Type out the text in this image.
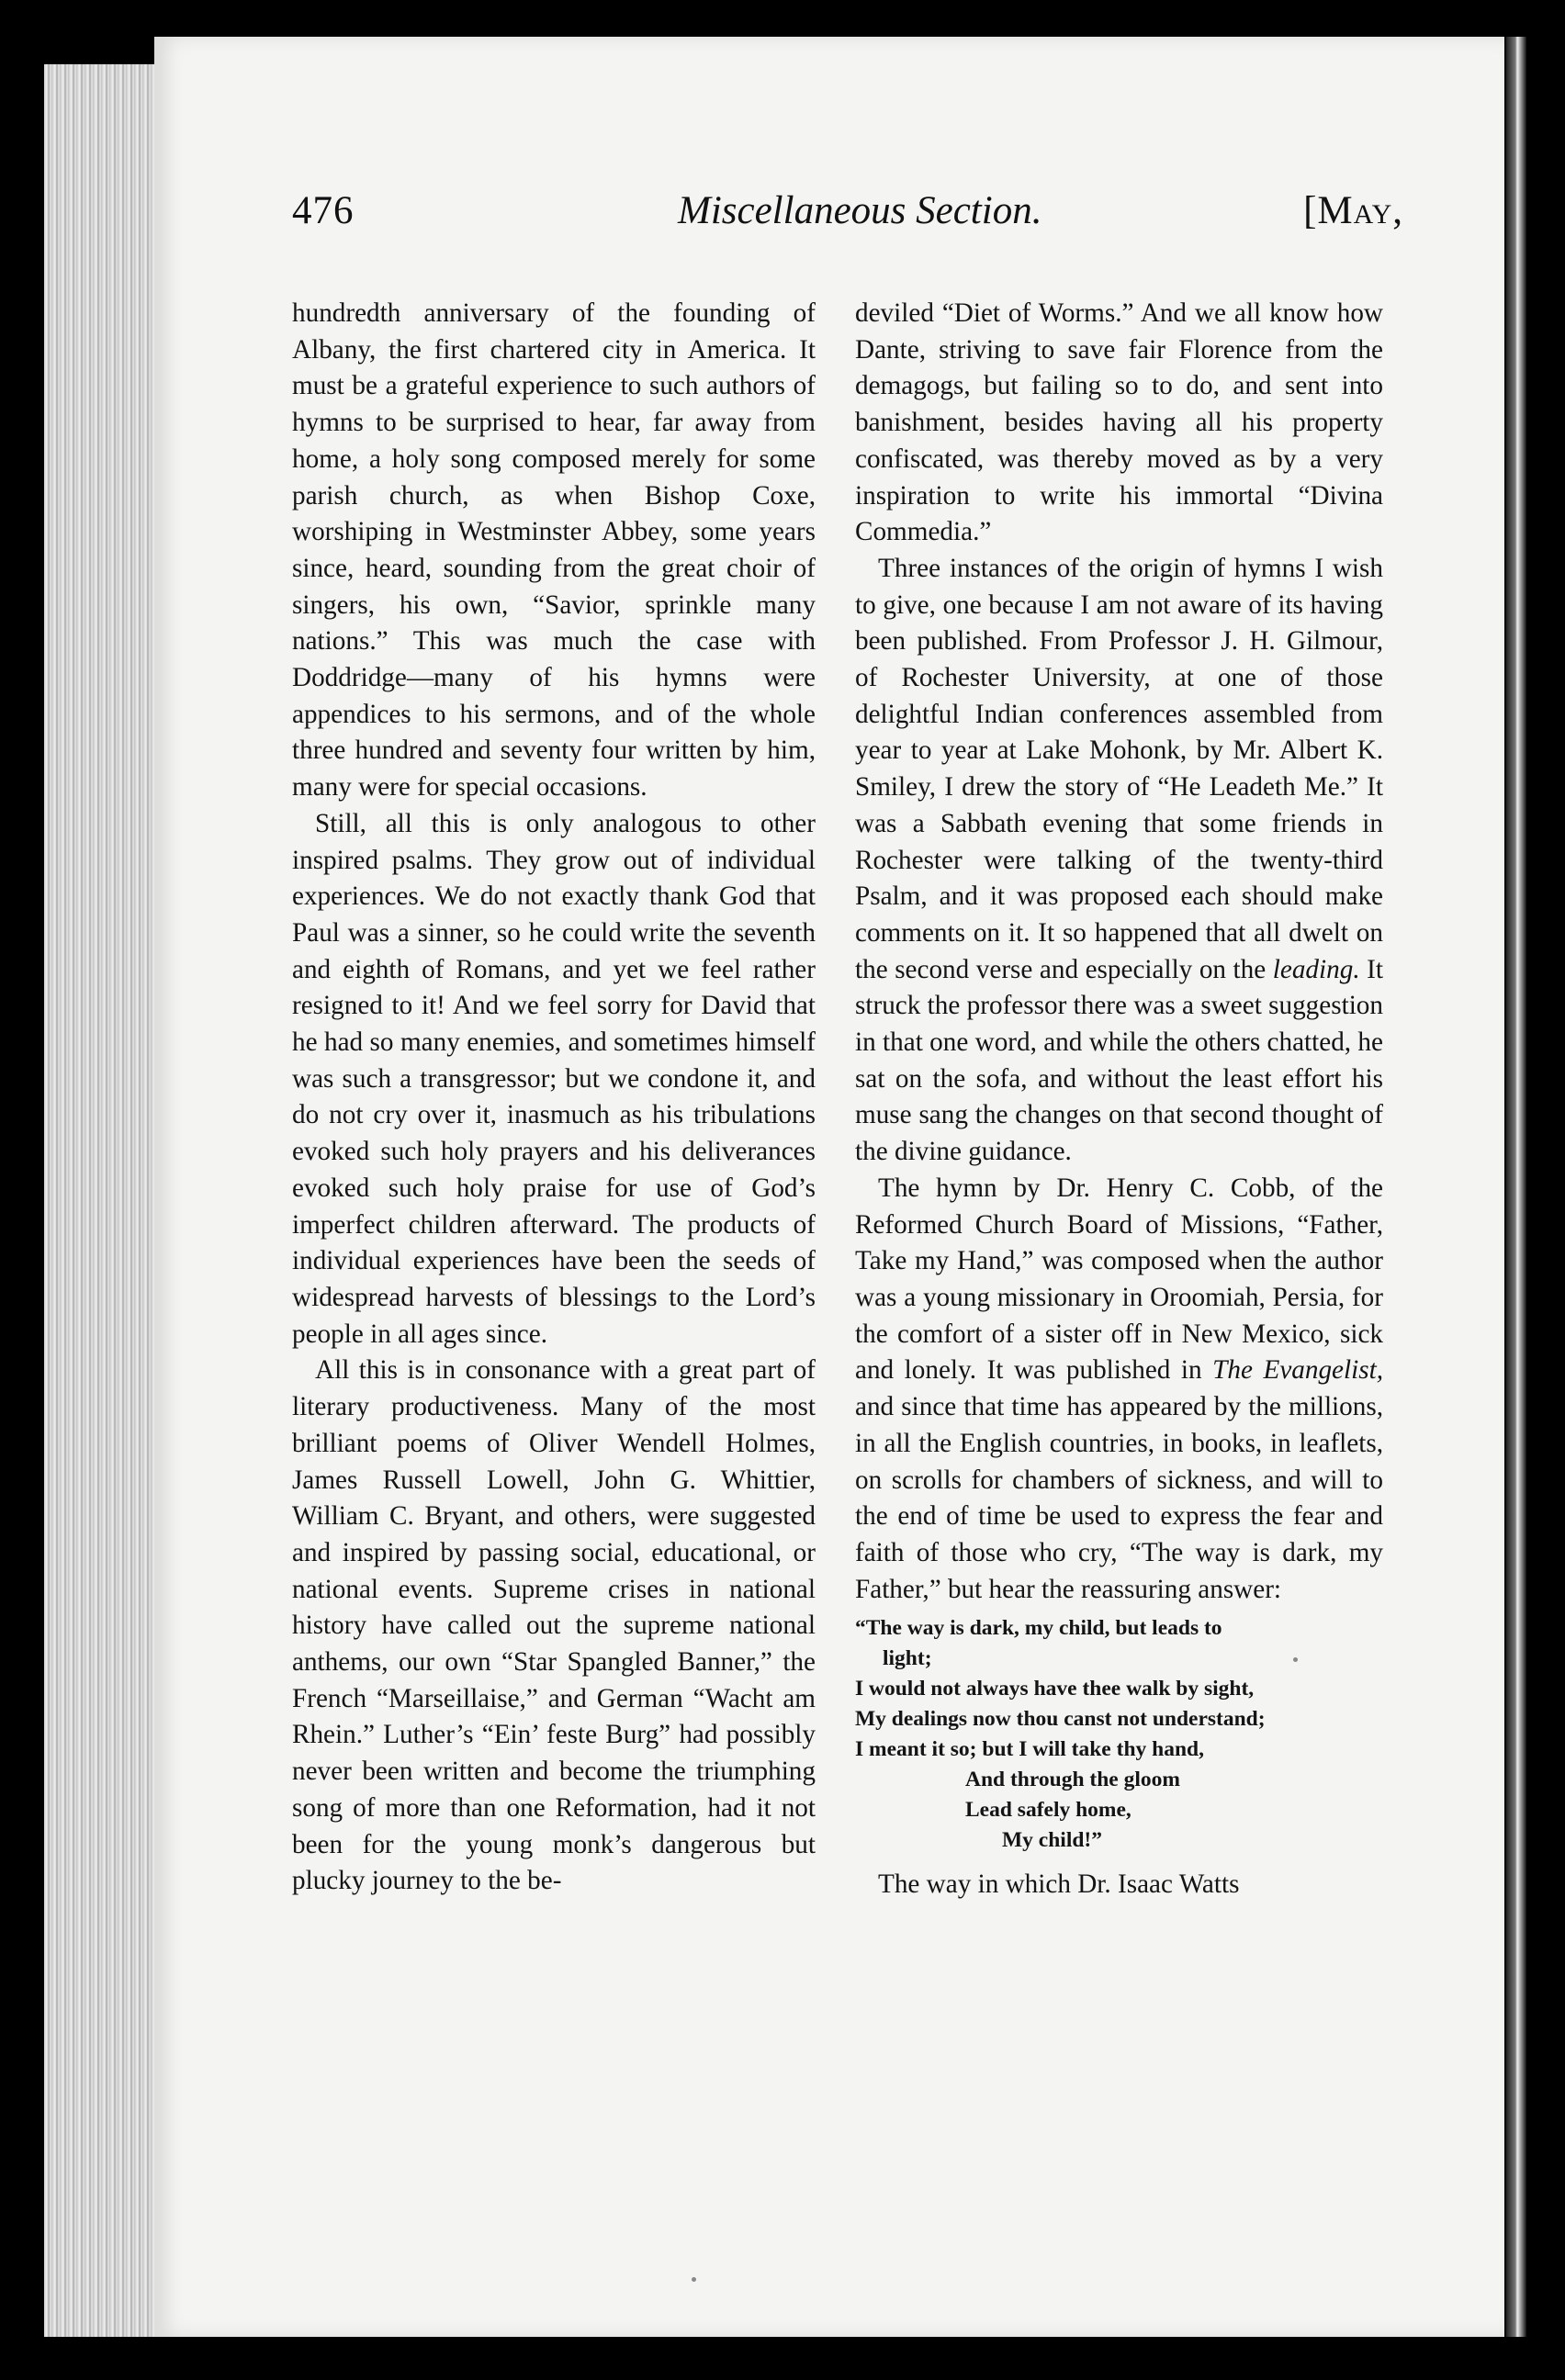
476	Miscellaneous Section.	[May,

hundredth anniversary of the founding of Albany, the first chartered city in America. It must be a grateful experience to such authors of hymns to be surprised to hear, far away from home, a holy song composed merely for some parish church, as when Bishop Coxe, worshiping in Westminster Abbey, some years since, heard, sounding from the great choir of singers, his own, “Savior, sprinkle many nations.” This was much the case with Doddridge—many of his hymns were appendices to his sermons, and of the whole three hundred and seventy four written by him, many were for special occasions.

Still, all this is only analogous to other inspired psalms. They grow out of individual experiences. We do not exactly thank God that Paul was a sinner, so he could write the seventh and eighth of Romans, and yet we feel rather resigned to it! And we feel sorry for David that he had so many enemies, and sometimes himself was such a transgressor; but we condone it, and do not cry over it, inasmuch as his tribulations evoked such holy prayers and his deliverances evoked such holy praise for use of God’s imperfect children afterward. The products of individual experiences have been the seeds of widespread harvests of blessings to the Lord’s people in all ages since.

All this is in consonance with a great part of literary productiveness. Many of the most brilliant poems of Oliver Wendell Holmes, James Russell Lowell, John G. Whittier, William C. Bryant, and others, were suggested and inspired by passing social, educational, or national events. Supreme crises in national history have called out the supreme national anthems, our own “Star Spangled Banner,” the French “Marseillaise,” and German “Wacht am Rhein.” Luther’s “Ein’ feste Burg” had possibly never been written and become the triumphing song of more than one Reformation, had it not been for the young monk’s dangerous but plucky journey to the be-

deviled “Diet of Worms.” And we all know how Dante, striving to save fair Florence from the demagogs, but failing so to do, and sent into banishment, besides having all his property confiscated, was thereby moved as by a very inspiration to write his immortal “Divina Commedia.”

Three instances of the origin of hymns I wish to give, one because I am not aware of its having been published. From Professor J. H. Gilmour, of Rochester University, at one of those delightful Indian conferences assembled from year to year at Lake Mohonk, by Mr. Albert K. Smiley, I drew the story of “He Leadeth Me.” It was a Sabbath evening that some friends in Rochester were talking of the twenty-third Psalm, and it was proposed each should make comments on it. It so happened that all dwelt on the second verse and especially on the leading. It struck the professor there was a sweet suggestion in that one word, and while the others chatted, he sat on the sofa, and without the least effort his muse sang the changes on that second thought of the divine guidance.

The hymn by Dr. Henry C. Cobb, of the Reformed Church Board of Missions, “Father, Take my Hand,” was composed when the author was a young missionary in Oroomiah, Persia, for the comfort of a sister off in New Mexico, sick and lonely. It was published in The Evangelist, and since that time has appeared by the millions, in all the English countries, in books, in leaflets, on scrolls for chambers of sickness, and will to the end of time be used to express the fear and faith of those who cry, “The way is dark, my Father,” but hear the reassuring answer:

“The way is dark, my child, but leads to
light;
I would not always have thee walk by sight,
My dealings now thou canst not understand;
I meant it so; but I will take thy hand,
And through the gloom
Lead safely home,
My child!”

The way in which Dr. Isaac Watts
